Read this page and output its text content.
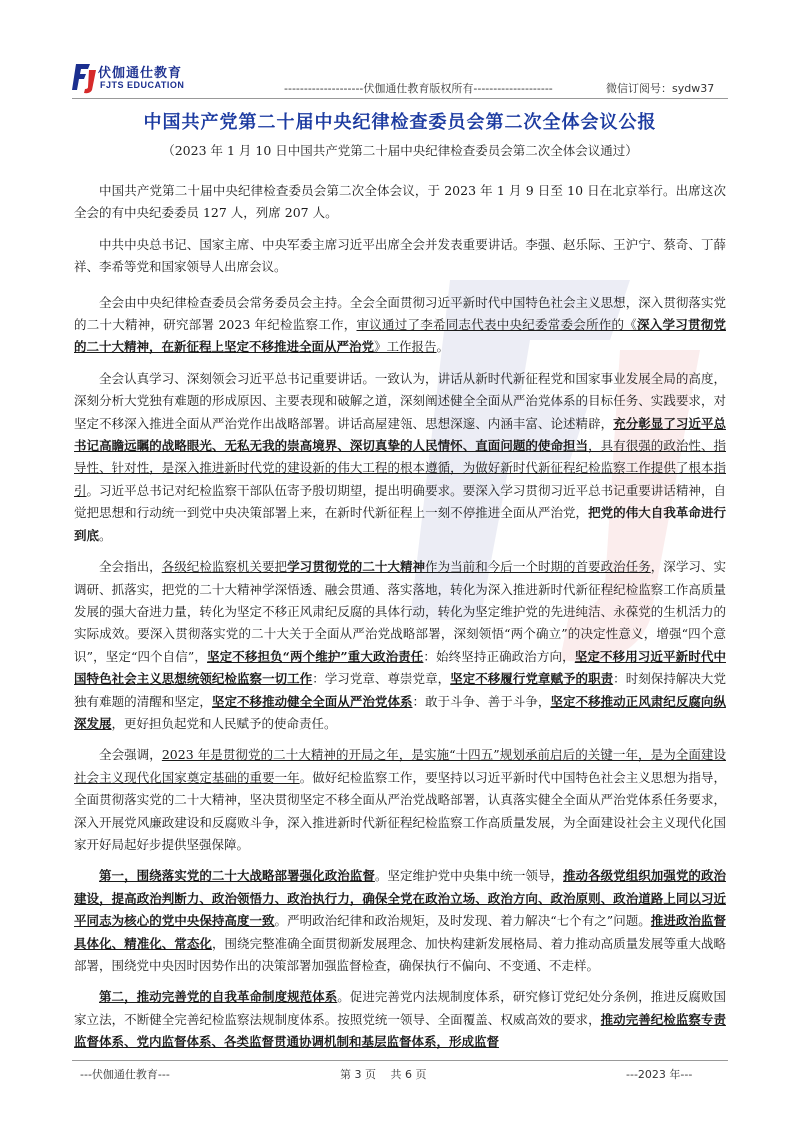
伏伽通仕教育
FJTS EDUCATION	--------------------伏伽通仕教育版权所有--------------------	微信订阅号：sydw37
中国共产党第二十届中央纪律检查委员会第二次全体会议公报
（2023 年 1 月 10 日中国共产党第二十届中央纪律检查委员会第二次全体会议通过）

中国共产党第二十届中央纪律检查委员会第二次全体会议，于 2023 年 1 月 9 日至 10 日在北京举行。出席这次全会的有中央纪委委员 127 人，列席 207 人。

中共中央总书记、国家主席、中央军委主席习近平出席全会并发表重要讲话。李强、赵乐际、王沪宁、蔡奇、丁薛祥、李希等党和国家领导人出席会议。

全会由中央纪律检查委员会常务委员会主持。全会全面贯彻习近平新时代中国特色社会主义思想，深入贯彻落实党的二十大精神，研究部署 2023 年纪检监察工作，审议通过了李希同志代表中央纪委常委会所作的《深入学习贯彻党的二十大精神，在新征程上坚定不移推进全面从严治党》工作报告。

全会认真学习、深刻领会习近平总书记重要讲话。一致认为，讲话从新时代新征程党和国家事业发展全局的高度，深刻分析大党独有难题的形成原因、主要表现和破解之道，深刻阐述健全全面从严治党体系的目标任务、实践要求，对坚定不移深入推进全面从严治党作出战略部署。讲话高屋建瓴、思想深邃、内涵丰富、论述精辟，充分彰显了习近平总书记高瞻远瞩的战略眼光、无私无我的崇高境界、深切真挚的人民情怀、直面问题的使命担当，具有很强的政治性、指导性、针对性，是深入推进新时代党的建设新的伟大工程的根本遵循，为做好新时代新征程纪检监察工作提供了根本指引。习近平总书记对纪检监察干部队伍寄予殷切期望，提出明确要求。要深入学习贯彻习近平总书记重要讲话精神，自觉把思想和行动统一到党中央决策部署上来，在新时代新征程上一刻不停推进全面从严治党，把党的伟大自我革命进行到底。

全会指出，各级纪检监察机关要把学习贯彻党的二十大精神作为当前和今后一个时期的首要政治任务，深学习、实调研、抓落实，把党的二十大精神学深悟透、融会贯通、落实落地，转化为深入推进新时代新征程纪检监察工作高质量发展的强大奋进力量，转化为坚定不移正风肃纪反腐的具体行动，转化为坚定维护党的先进纯洁、永葆党的生机活力的实际成效。要深入贯彻落实党的二十大关于全面从严治党战略部署，深刻领悟“两个确立”的决定性意义，增强“四个意识”，坚定“四个自信”，坚定不移担负“两个维护”重大政治责任：始终坚持正确政治方向，坚定不移用习近平新时代中国特色社会主义思想统领纪检监察一切工作：学习党章、尊崇党章，坚定不移履行党章赋予的职责：时刻保持解决大党独有难题的清醒和坚定，坚定不移推动健全全面从严治党体系：敢于斗争、善于斗争，坚定不移推动正风肃纪反腐向纵深发展，更好担负起党和人民赋予的使命责任。

全会强调，2023 年是贯彻党的二十大精神的开局之年，是实施“十四五”规划承前启后的关键一年，是为全面建设社会主义现代化国家奠定基础的重要一年。做好纪检监察工作，要坚持以习近平新时代中国特色社会主义思想为指导，全面贯彻落实党的二十大精神，坚决贯彻坚定不移全面从严治党战略部署，认真落实健全全面从严治党体系任务要求，深入开展党风廉政建设和反腐败斗争，深入推进新时代新征程纪检监察工作高质量发展，为全面建设社会主义现代化国家开好局起好步提供坚强保障。

第一，围绕落实党的二十大战略部署强化政治监督。坚定维护党中央集中统一领导，推动各级党组织加强党的政治建设，提高政治判断力、政治领悟力、政治执行力，确保全党在政治立场、政治方向、政治原则、政治道路上同以习近平同志为核心的党中央保持高度一致。严明政治纪律和政治规矩，及时发现、着力解决“七个有之”问题。推进政治监督具体化、精准化、常态化，围绕完整准确全面贯彻新发展理念、加快构建新发展格局、着力推动高质量发展等重大战略部署，围绕党中央因时因势作出的决策部署加强监督检查，确保执行不偏向、不变通、不走样。

第二，推动完善党的自我革命制度规范体系。促进完善党内法规制度体系，研究修订党纪处分条例，推进反腐败国家立法，不断健全完善纪检监察法规制度体系。按照党统一领导、全面覆盖、权威高效的要求，推动完善纪检监察专责监督体系、党内监督体系、各类监督贯通协调机制和基层监督体系，形成监督

---伏伽通仕教育---	第 3 页　 共 6 页	---2023 年---
